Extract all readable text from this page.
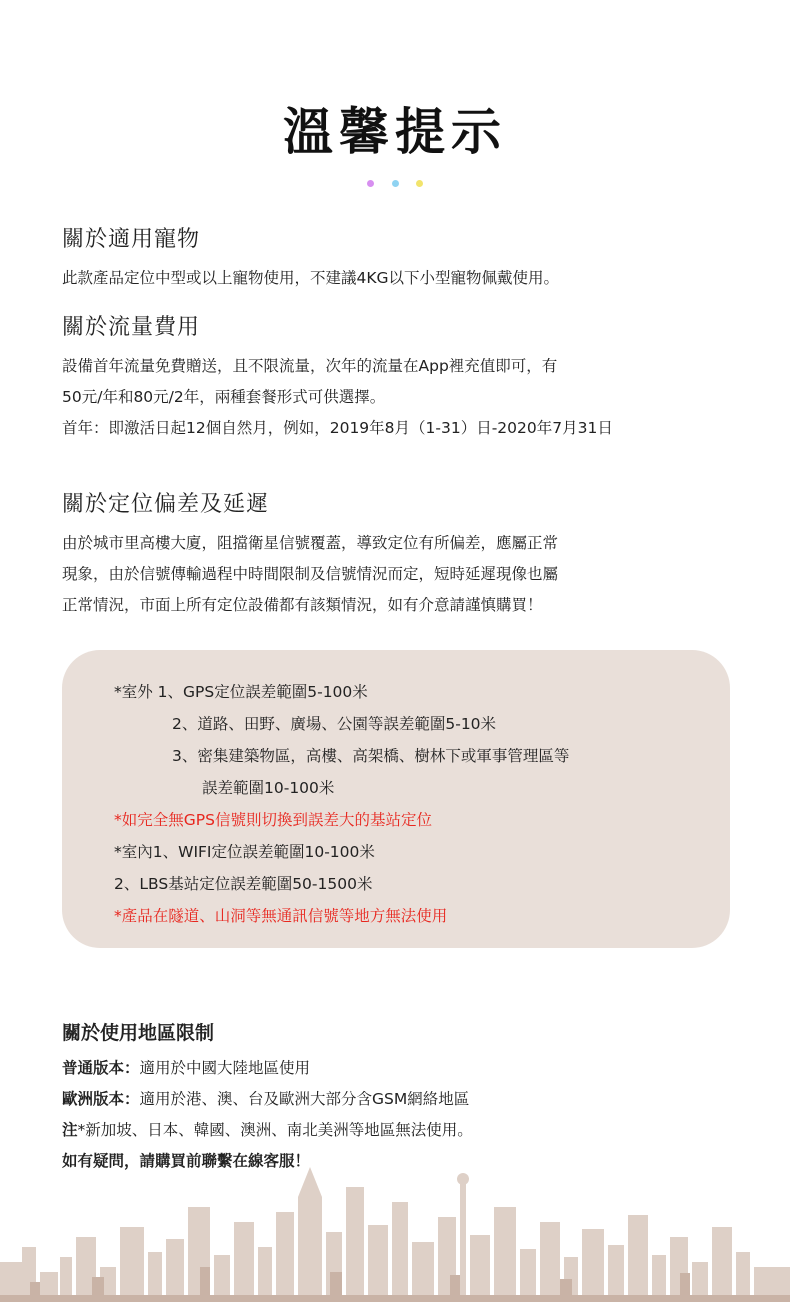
溫馨提示

關於適用寵物
此款產品定位中型或以上寵物使用，不建議4KG以下小型寵物佩戴使用。
關於流量費用
設備首年流量免費贈送，且不限流量，次年的流量在App裡充值即可，有
50元/年和80元/2年，兩種套餐形式可供選擇。
首年：即激活日起12個自然月，例如，2019年8月（1-31）日-2020年7月31日
關於定位偏差及延遲
由於城市里高樓大廈，阻擋衛星信號覆蓋，導致定位有所偏差，應屬正常
現象，由於信號傳輸過程中時間限制及信號情況而定，短時延遲現像也屬
正常情況，市面上所有定位設備都有該類情況，如有介意請謹慎購買！
*室外 1、GPS定位誤差範圍5-100米
2、道路、田野、廣場、公園等誤差範圍5-10米
3、密集建築物區，高樓、高架橋、樹林下或軍事管理區等
誤差範圍10-100米
*如完全無GPS信號則切換到誤差大的基站定位
*室內1、WIFI定位誤差範圍10-100米
2、LBS基站定位誤差範圍50-1500米
*產品在隧道、山洞等無通訊信號等地方無法使用
關於使用地區限制
普通版本：適用於中國大陸地區使用
歐洲版本：適用於港、澳、台及歐洲大部分含GSM網絡地區
注*新加坡、日本、韓國、澳洲、南北美洲等地區無法使用。
如有疑問，請購買前聯繫在線客服！
